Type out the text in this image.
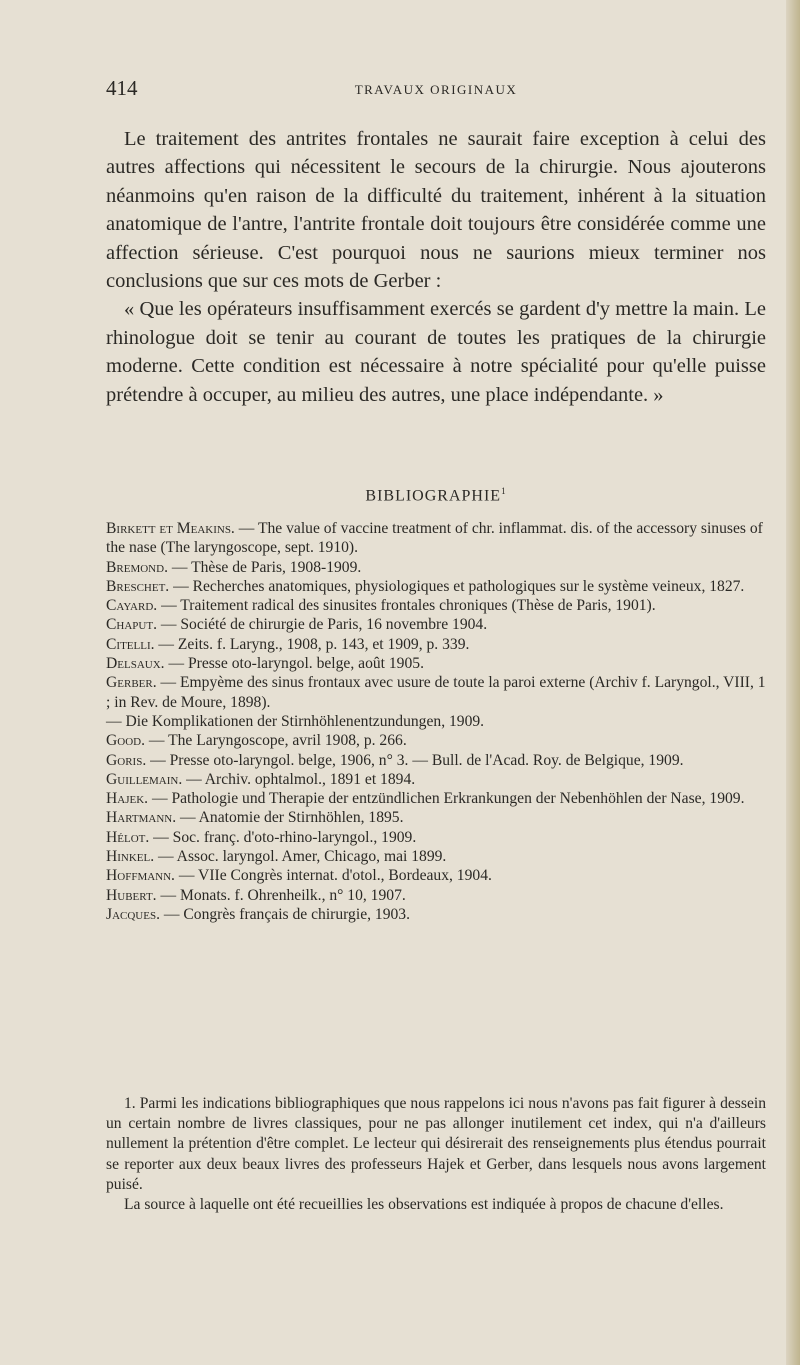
414	TRAVAUX ORIGINAUX

Le traitement des antrites frontales ne saurait faire exception à celui des autres affections qui nécessitent le secours de la chirurgie. Nous ajouterons néanmoins qu'en raison de la difficulté du traitement, inhérent à la situation anatomique de l'antre, l'antrite frontale doit toujours être considérée comme une affection sérieuse. C'est pourquoi nous ne saurions mieux terminer nos conclusions que sur ces mots de Gerber :

« Que les opérateurs insuffisamment exercés se gardent d'y mettre la main. Le rhinologue doit se tenir au courant de toutes les pratiques de la chirurgie moderne. Cette condition est nécessaire à notre spécialité pour qu'elle puisse prétendre à occuper, au milieu des autres, une place indépendante. »

BIBLIOGRAPHIE$^1$
Birkett et Meakins. — The value of vaccine treatment of chr. inflammat. dis. of the accessory sinuses of the nase (The laryngoscope, sept. 1910).
Bremond. — Thèse de Paris, 1908-1909.
Breschet. — Recherches anatomiques, physiologiques et pathologiques sur le système veineux, 1827.
Cayard. — Traitement radical des sinusites frontales chroniques (Thèse de Paris, 1901).
Chaput. — Société de chirurgie de Paris, 16 novembre 1904.
Citelli. — Zeits. f. Laryng., 1908, p. 143, et 1909, p. 339.
Delsaux. — Presse oto-laryngol. belge, août 1905.
Gerber. — Empyème des sinus frontaux avec usure de toute la paroi externe (Archiv f. Laryngol., VIII, 1 ; in Rev. de Moure, 1898).
— Die Komplikationen der Stirnhöhlenentzundungen, 1909.
Good. — The Laryngoscope, avril 1908, p. 266.
Goris. — Presse oto-laryngol. belge, 1906, n° 3. — Bull. de l'Acad. Roy. de Belgique, 1909.
Guillemain. — Archiv. ophtalmol., 1891 et 1894.
Hajek. — Pathologie und Therapie der entzündlichen Erkrankungen der Nebenhöhlen der Nase, 1909.
Hartmann. — Anatomie der Stirnhöhlen, 1895.
Hélot. — Soc. franç. d'oto-rhino-laryngol., 1909.
Hinkel. — Assoc. laryngol. Amer, Chicago, mai 1899.
Hoffmann. — VIIe Congrès internat. d'otol., Bordeaux, 1904.
Hubert. — Monats. f. Ohrenheilk., n° 10, 1907.
Jacques. — Congrès français de chirurgie, 1903.

1. Parmi les indications bibliographiques que nous rappelons ici nous n'avons pas fait figurer à dessein un certain nombre de livres classiques, pour ne pas allonger inutilement cet index, qui n'a d'ailleurs nullement la prétention d'être complet. Le lecteur qui désirerait des renseignements plus étendus pourrait se reporter aux deux beaux livres des professeurs Hajek et Gerber, dans lesquels nous avons largement puisé.

La source à laquelle ont été recueillies les observations est indiquée à propos de chacune d'elles.
